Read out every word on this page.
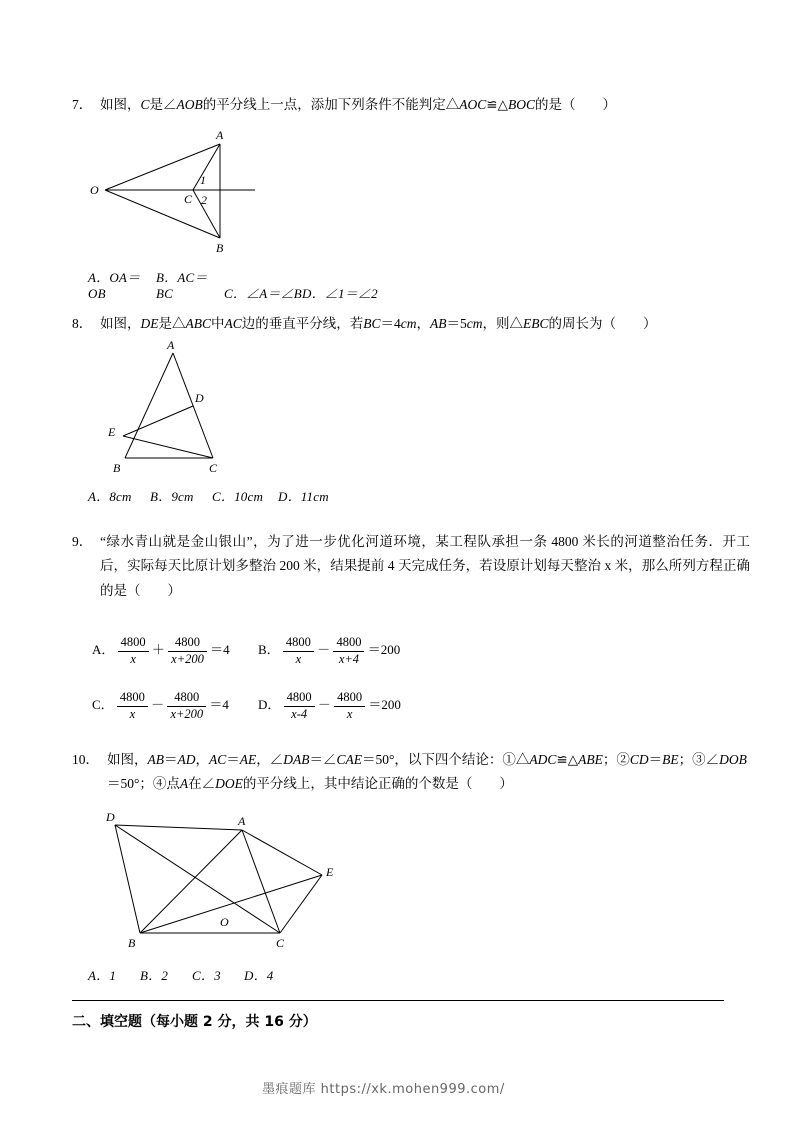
7． 如图，C是∠AOB的平分线上一点，添加下列条件不能判定△AOC≌△BOC的是（　　）
A
O
C
B
1
2
A．OA＝OBB．AC＝BC	C．∠A＝∠BD．∠1＝∠2
8． 如图，DE是△ABC中AC边的垂直平分线，若BC＝4cm，AB＝5cm，则△EBC的周长为（　　）
A
D
E
B	C
A．8cm B．9cm C．10cm D．11cm
9． “绿水青山就是金山银山”，为了进一步优化河道环境，某工程队承担一条 4800 米长的河道整治任务．开工后，实际每天比原计划多整治 200 米，结果提前 4 天完成任务，若设原计划每天整治 x 米，那么所列方程正确的是（　　）
A． $\frac{4800}{x} + \frac{4800}{x+200} =4$ B． $\frac{4800}{x} - \frac{4800}{x+4} =200$
C． $\frac{4800}{x} - \frac{4800}{x+200} =4$ D． $\frac{4800}{x-4} - \frac{4800}{x} =200$
10． 如图，AB＝AD，AC＝AE，∠DAB＝∠CAE＝50°，以下四个结论：①△ADC≌△ABE；②CD＝BE；③∠DOB＝50°；④点A在∠DOE的平分线上，其中结论正确的个数是（　　）
D	A
E
O
B	C
A．1 B．2 C．3 D．4
二、填空题（每小题 2 分，共 16 分）
墨痕题库 https://xk.mohen999.com/
